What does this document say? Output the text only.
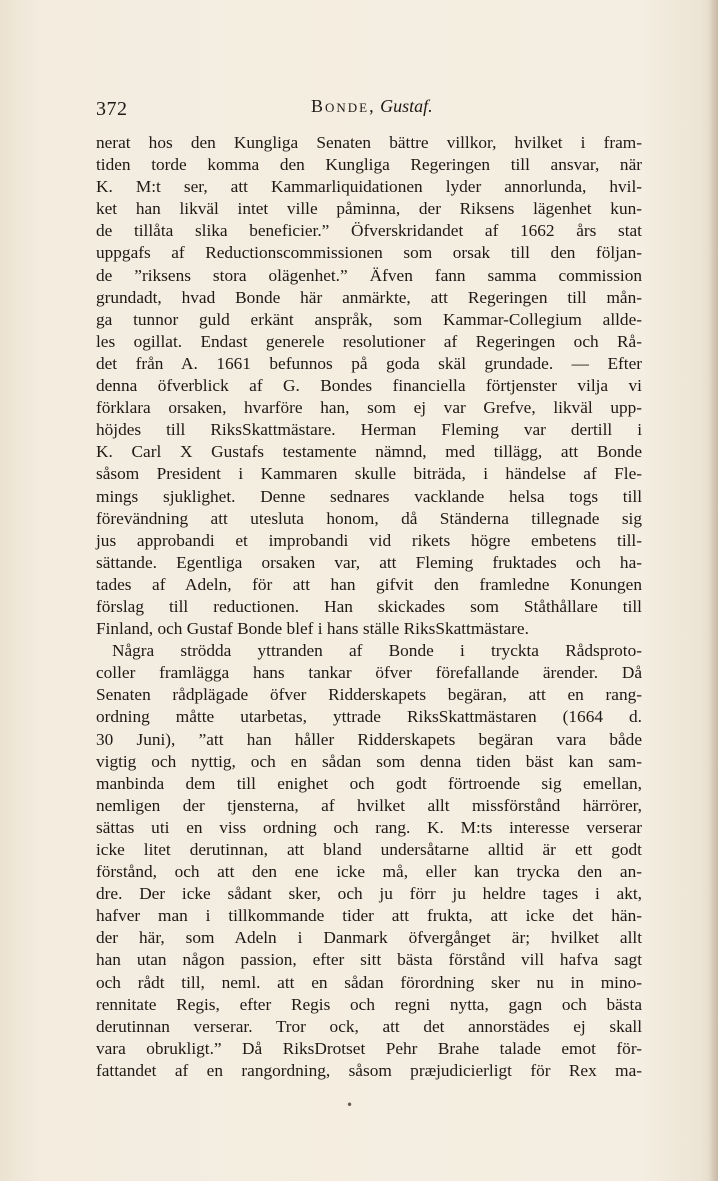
372	Bonde, Gustaf.
nerat hos den Kungliga Senaten bättre villkor, hvilket i fram-
tiden torde komma den Kungliga Regeringen till ansvar, när
K. M:t ser, att Kammarliquidationen lyder annorlunda, hvil-
ket han likväl intet ville påminna, der Riksens lägenhet kun-
de tillåta slika beneficier.” Öfverskridandet af 1662 års stat
uppgafs af Reductionscommissionen som orsak till den följan-
de ”riksens stora olägenhet.” Äfven fann samma commission
grundadt, hvad Bonde här anmärkte, att Regeringen till mån-
ga tunnor guld erkänt anspråk, som Kammar-Collegium allde-
les ogillat. Endast generele resolutioner af Regeringen och Rå-
det från A. 1661 befunnos på goda skäl grundade. — Efter
denna öfverblick af G. Bondes financiella förtjenster vilja vi
förklara orsaken, hvarföre han, som ej var Grefve, likväl upp-
höjdes till RiksSkattmästare. Herman Fleming var dertill i
K. Carl X Gustafs testamente nämnd, med tillägg, att Bonde
såsom President i Kammaren skulle biträda, i händelse af Fle-
mings sjuklighet. Denne sednares vacklande helsa togs till
förevändning att utesluta honom, då Ständerna tillegnade sig
jus approbandi et improbandi vid rikets högre embetens till-
sättande. Egentliga orsaken var, att Fleming fruktades och ha-
tades af Adeln, för att han gifvit den framledne Konungen
förslag till reductionen. Han skickades som Ståthållare till
Finland, och Gustaf Bonde blef i hans ställe RiksSkattmästare.
Några strödda yttranden af Bonde i tryckta Rådsproto-
coller framlägga hans tankar öfver förefallande ärender. Då
Senaten rådplägade öfver Ridderskapets begäran, att en rang-
ordning måtte utarbetas, yttrade RiksSkattmästaren (1664 d.
30 Juni), ”att han håller Ridderskapets begäran vara både
vigtig och nyttig, och en sådan som denna tiden bäst kan sam-
manbinda dem till enighet och godt förtroende sig emellan,
nemligen der tjensterna, af hvilket allt missförstånd härrörer,
sättas uti en viss ordning och rang. K. M:ts interesse verserar
icke litet derutinnan, att bland undersåtarne alltid är ett godt
förstånd, och att den ene icke må, eller kan trycka den an-
dre. Der icke sådant sker, och ju förr ju heldre tages i akt,
hafver man i tillkommande tider att frukta, att icke det hän-
der här, som Adeln i Danmark öfvergånget är; hvilket allt
han utan någon passion, efter sitt bästa förstånd vill hafva sagt
och rådt till, neml. att en sådan förordning sker nu in mino-
rennitate Regis, efter Regis och regni nytta, gagn och bästa
derutinnan verserar. Tror ock, att det annorstädes ej skall
vara obrukligt.” Då RiksDrotset Pehr Brahe talade emot för-
fattandet af en rangordning, såsom præjudicierligt för Rex ma-
•
